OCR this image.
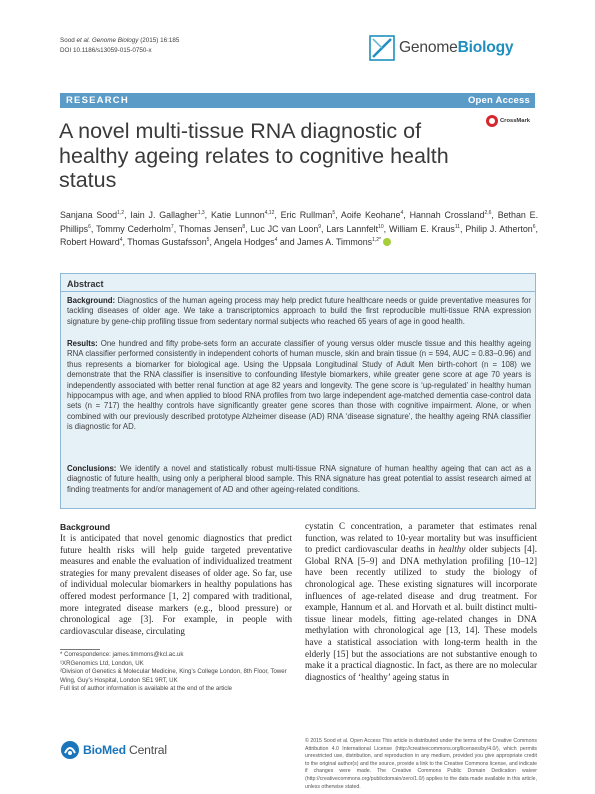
Sood et al. Genome Biology (2015) 16:185
DOI 10.1186/s13059-015-0750-x	GenomeBiology
RESEARCH	Open Access
CrossMark
A novel multi-tissue RNA diagnostic of healthy ageing relates to cognitive health status
Sanjana Sood$^{1,2}$, Iain J. Gallagher$^{1,3}$, Katie Lunnon$^{4,12}$, Eric Rullman$^5$, Aoife Keohane$^4$, Hannah Crossland$^{2,6}$, Bethan E. Phillips$^6$, Tommy Cederholm$^7$, Thomas Jensen$^8$, Luc JC van Loon$^9$, Lars Lannfelt$^{10}$, William E. Kraus$^{11}$, Philip J. Atherton$^6$, Robert Howard$^4$, Thomas Gustafsson$^5$, Angela Hodges$^4$ and James A. Timmons$^{1,2*}$
Abstract
Background: Diagnostics of the human ageing process may help predict future healthcare needs or guide preventative measures for tackling diseases of older age. We take a transcriptomics approach to build the first reproducible multi-tissue RNA expression signature by gene-chip profiling tissue from sedentary normal subjects who reached 65 years of age in good health.
Results: One hundred and fifty probe-sets form an accurate classifier of young versus older muscle tissue and this healthy ageing RNA classifier performed consistently in independent cohorts of human muscle, skin and brain tissue (n = 594, AUC = 0.83–0.96) and thus represents a biomarker for biological age. Using the Uppsala Longitudinal Study of Adult Men birth-cohort (n = 108) we demonstrate that the RNA classifier is insensitive to confounding lifestyle biomarkers, while greater gene score at age 70 years is independently associated with better renal function at age 82 years and longevity. The gene score is ‘up-regulated’ in healthy human hippocampus with age, and when applied to blood RNA profiles from two large independent age-matched dementia case-control data sets (n = 717) the healthy controls have significantly greater gene scores than those with cognitive impairment. Alone, or when combined with our previously described prototype Alzheimer disease (AD) RNA ‘disease signature’, the healthy ageing RNA classifier is diagnostic for AD.
Conclusions: We identify a novel and statistically robust multi-tissue RNA signature of human healthy ageing that can act as a diagnostic of future health, using only a peripheral blood sample. This RNA signature has great potential to assist research aimed at finding treatments for and/or management of AD and other ageing-related conditions.
Background
It is anticipated that novel genomic diagnostics that predict future health risks will help guide targeted preventative measures and enable the evaluation of individualized treatment strategies for many prevalent diseases of older age. So far, use of individual molecular biomarkers in healthy populations has offered modest performance [1, 2] compared with traditional, more integrated disease markers (e.g., blood pressure) or chronological age [3]. For example, in people with cardiovascular disease, circulating
cystatin C concentration, a parameter that estimates renal function, was related to 10-year mortality but was insufficient to predict cardiovascular deaths in healthy older subjects [4]. Global RNA [5–9] and DNA methylation profiling [10–12] have been recently utilized to study the biology of chronological age. These existing signatures will incorporate influences of age-related disease and drug treatment. For example, Hannum et al. and Horvath et al. built distinct multi-tissue linear models, fitting age-related changes in DNA methylation with chronological age [13, 14]. These models have a statistical association with long-term health in the elderly [15] but the associations are not substantive enough to make it a practical diagnostic. In fact, as there are no molecular diagnostics of ‘healthy’ ageing status in
* Correspondence: james.timmons@kcl.ac.uk
¹XRGenomics Ltd, London, UK
²Division of Genetics & Molecular Medicine, King’s College London, 8th Floor, Tower Wing, Guy’s Hospital, London SE1 9RT, UK
Full list of author information is available at the end of the article
BioMed Central
© 2015 Sood et al. Open Access This article is distributed under the terms of the Creative Commons Attribution 4.0 International License (http://creativecommons.org/licenses/by/4.0/), which permits unrestricted use, distribution, and reproduction in any medium, provided you give appropriate credit to the original author(s) and the source, provide a link to the Creative Commons license, and indicate if changes were made. The Creative Commons Public Domain Dedication waiver (http://creativecommons.org/publicdomain/zero/1.0/) applies to the data made available in this article, unless otherwise stated.
